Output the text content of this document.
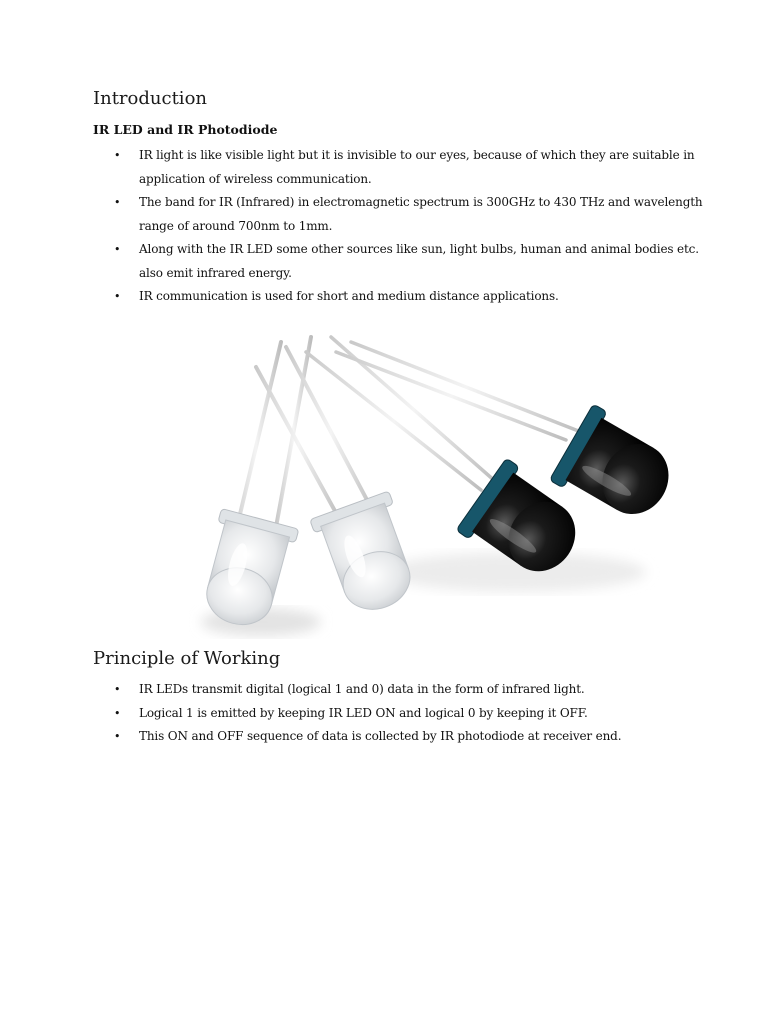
Introduction
IR LED and IR Photodiode
• IR light is like visible light but it is invisible to our eyes, because of which they are suitable in application of wireless communication.
• The band for IR (Infrared) in electromagnetic spectrum is 300GHz to 430 THz and wavelength range of around 700nm to 1mm.
• Along with the IR LED some other sources like sun, light bulbs, human and animal bodies etc. also emit infrared energy.
• IR communication is used for short and medium distance applications.
Principle of Working
• IR LEDs transmit digital (logical 1 and 0) data in the form of infrared light.
• Logical 1 is emitted by keeping IR LED ON and logical 0 by keeping it OFF.
• This ON and OFF sequence of data is collected by IR photodiode at receiver end.
